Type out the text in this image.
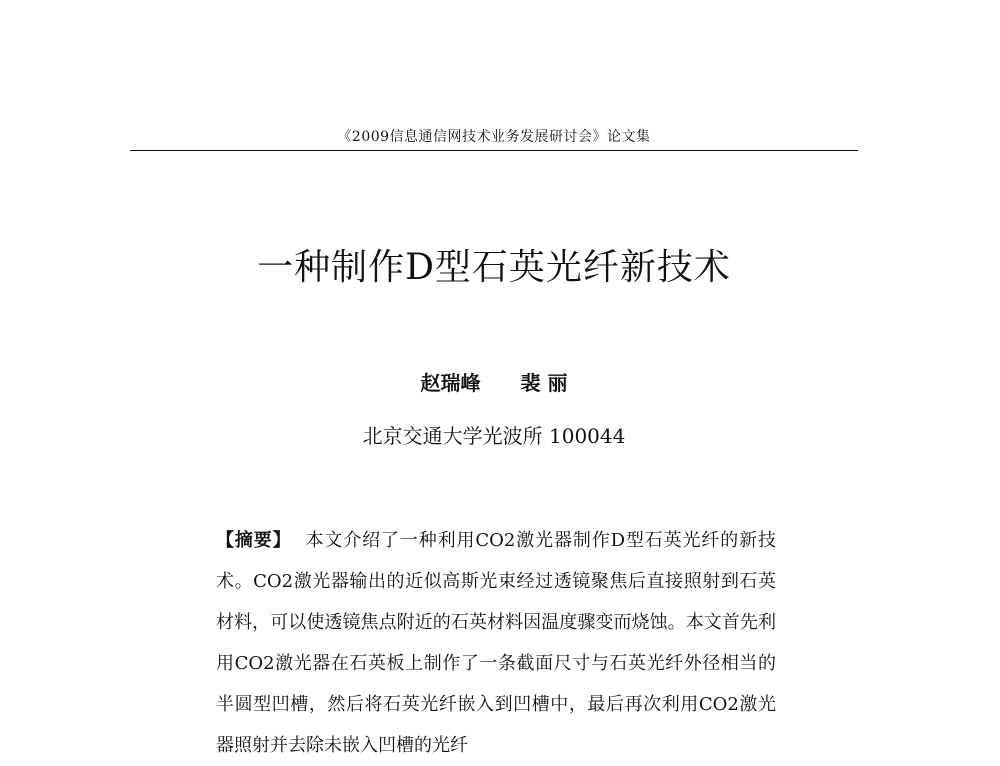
《2009信息通信网技术业务发展研讨会》论文集
一种制作D型石英光纤新技术
赵瑞峰 裴 丽
北京交通大学光波所 100044
【摘要】 本文介绍了一种利用CO2激光器制作D型石英光纤的新技术。CO2激光器输出的近似高斯光束经过透镜聚焦后直接照射到石英材料，可以使透镜焦点附近的石英材料因温度骤变而烧蚀。本文首先利用CO2激光器在石英板上制作了一条截面尺寸与石英光纤外径相当的半圆型凹槽，然后将石英光纤嵌入到凹槽中，最后再次利用CO2激光器照射并去除未嵌入凹槽的光纤
